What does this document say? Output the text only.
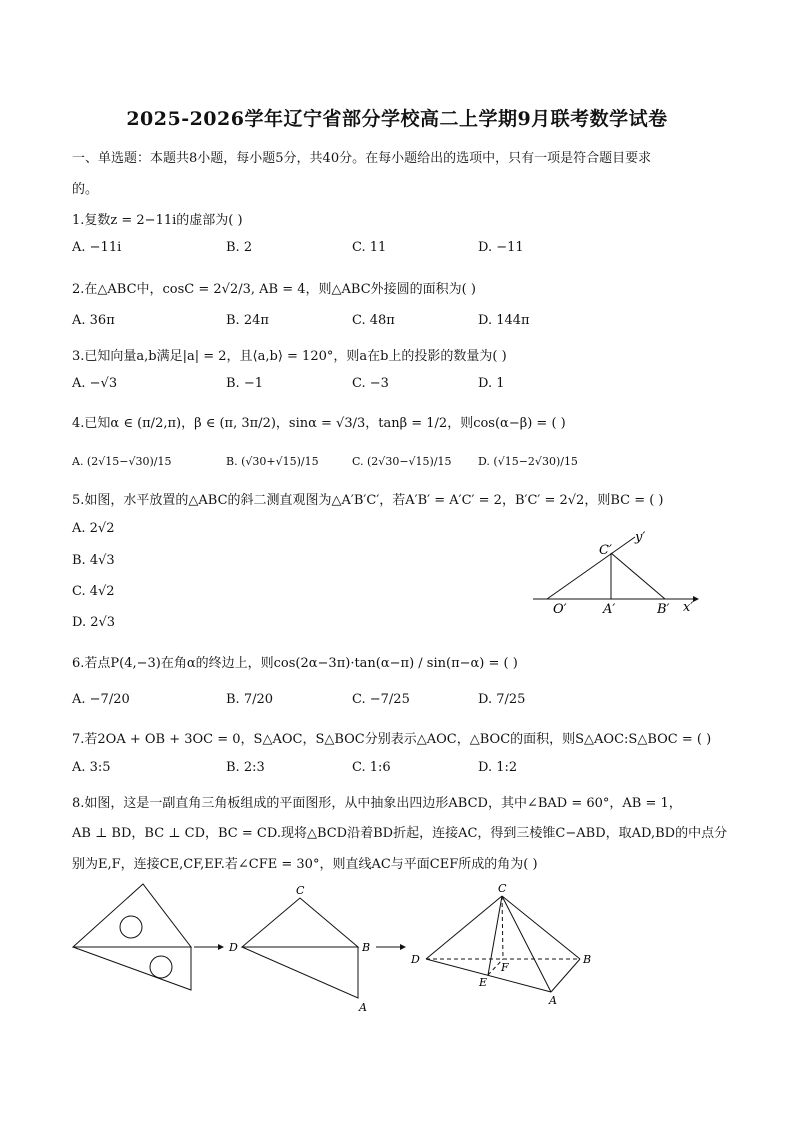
2025-2026学年辽宁省部分学校高二上学期9月联考数学试卷
一、单选题：本题共8小题，每小题5分，共40分。在每小题给出的选项中，只有一项是符合题目要求
的。
1.复数z = 2−11i的虚部为( )
A. −11i	B. 2	C. 11	D. −11
2.在△ABC中，cosC = 2√2/3, AB = 4，则△ABC外接圆的面积为( )
A. 36π	B. 24π	C. 48π	D. 144π
3.已知向量a,b满足|a| = 2，且⟨a,b⟩ = 120°，则a在b上的投影的数量为( )
A. −√3	B. −1	C. −3	D. 1
4.已知α ∈ (π/2,π)，β ∈ (π, 3π/2)，sinα = √3/3，tanβ = 1/2，则cos(α−β) = ( )
A. (2√15−√30)/15	B. (√30+√15)/15	C. (2√30−√15)/15 D. (√15−2√30)/15
5.如图，水平放置的△ABC的斜二测直观图为△A′B′C′，若A′B′ = A′C′ = 2，B′C′ = 2√2，则BC = ( )
A. 2√2
B. 4√3
C. 4√2
D. 2√3
C′
y′
O′	A′	B′ x′
6.若点P(4,−3)在角α的终边上，则cos(2α−3π)·tan(α−π) / sin(π−α) = ( )
A. −7/20	B. 7/20	C. −7/25	D. 7/25
7.若2OA + OB + 3OC = 0，S△AOC，S△BOC分别表示△AOC，△BOC的面积，则S△AOC:S△BOC = ( )
A. 3:5	B. 2:3	C. 1:6	D. 1:2
8.如图，这是一副直角三角板组成的平面图形，从中抽象出四边形ABCD，其中∠BAD = 60°，AB = 1，
AB ⊥ BD，BC ⊥ CD，BC = CD.现将△BCD沿着BD折起，连接AC，得到三棱锥C−ABD，取AD,BD的中点分
别为E,F，连接CE,CF,EF.若∠CFE = 30°，则直线AC与平面CEF所成的角为( )
C
D	B
A
C
D	B
E
F
A
